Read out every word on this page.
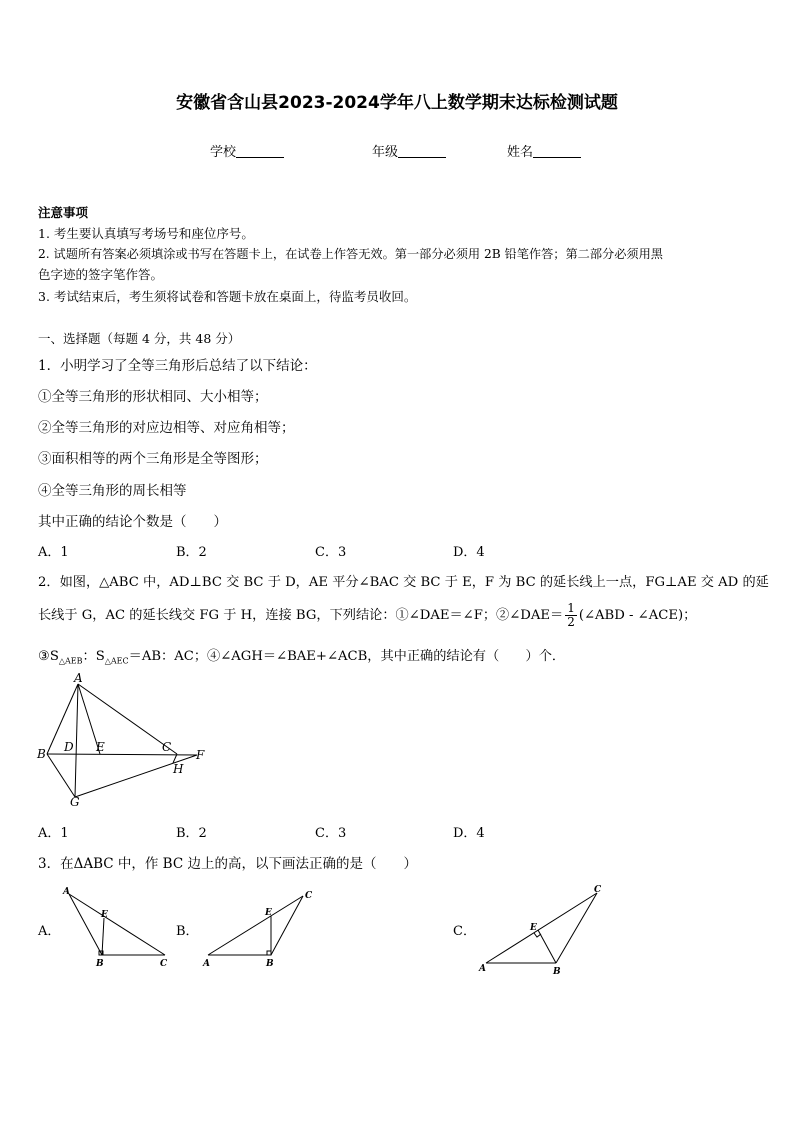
安徽省含山县2023-2024学年八上数学期末达标检测试题
学校	年级	姓名
注意事项
1. 考生要认真填写考场号和座位序号。
2. 试题所有答案必须填涂或书写在答题卡上，在试卷上作答无效。第一部分必须用 2B 铅笔作答；第二部分必须用黑
色字迹的签字笔作答。
3. 考试结束后，考生须将试卷和答题卡放在桌面上，待监考员收回。
一、选择题（每题 4 分，共 48 分）
1．小明学习了全等三角形后总结了以下结论：
①全等三角形的形状相同、大小相等；
②全等三角形的对应边相等、对应角相等；
③面积相等的两个三角形是全等图形；
④全等三角形的周长相等
其中正确的结论个数是（　　）
A．1	B．2	C．3	D．4
2．如图，△ABC 中，AD⊥BC 交 BC 于 D，AE 平分∠BAC 交 BC 于 E，F 为 BC 的延长线上一点，FG⊥AE 交 AD 的延
长线于 G，AC 的延长线交 FG 于 H，连接 BG，下列结论：①∠DAE＝∠F；②∠DAE＝ $\frac{1}{2}$ (∠ABD - ∠ACE)；
$③S_{\triangle AEB}$：$S_{\triangle AEC}=AB$：AC；④∠AGH＝∠BAE+∠ACB，其中正确的结论有（　　）个．
A
B D E	C
F
H
G
A．1	B．2	C．3	D．4
3．在ΔABC 中，作 BC 边上的高，以下画法正确的是（　　）
A．
A
E
B	C
B．
E
C
A	B
C．
C
E
A	B
